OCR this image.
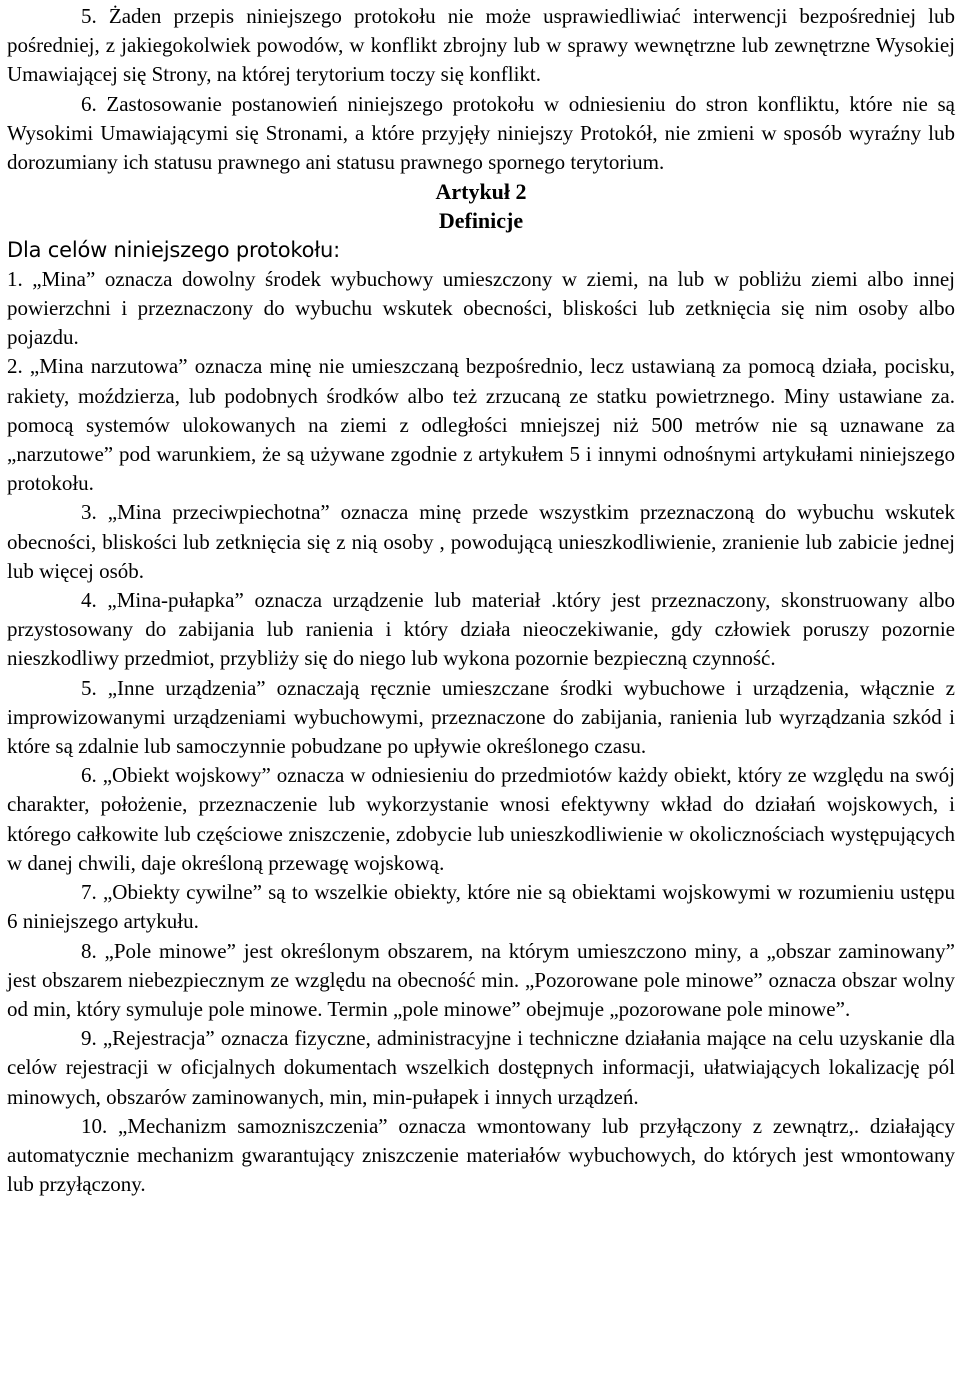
5. Żaden przepis niniejszego protokołu nie może usprawiedliwiać interwencji bezpośredniej lub pośredniej, z jakiegokolwiek powodów, w konflikt zbrojny lub w sprawy wewnętrzne lub zewnętrzne Wysokiej Umawiającej się Strony, na której terytorium toczy się konflikt.

6. Zastosowanie postanowień niniejszego protokołu w odniesieniu do stron konfliktu, które nie są Wysokimi Umawiającymi się Stronami, a które przyjęły niniejszy Protokół, nie zmieni w sposób wyraźny lub dorozumiany ich statusu prawnego ani statusu prawnego spornego terytorium.

Artykuł 2

Definicje

Dla celów niniejszego protokołu:

1. „Mina” oznacza dowolny środek wybuchowy umieszczony w ziemi, na lub w pobliżu ziemi albo innej powierzchni i przeznaczony do wybuchu wskutek obecności, bliskości lub zetknięcia się nim osoby albo pojazdu.

2. „Mina narzutowa” oznacza minę nie umieszczaną bezpośrednio, lecz ustawianą za pomocą działa, pocisku, rakiety, moździerza, lub podobnych środków albo też zrzucaną ze statku powietrznego. Miny ustawiane za. pomocą systemów ulokowanych na ziemi z odległości mniejszej niż 500 metrów nie są uznawane za „narzutowe” pod warunkiem, że są używane zgodnie z artykułem 5 i innymi odnośnymi artykułami niniejszego protokołu.

3. „Mina przeciwpiechotna” oznacza minę przede wszystkim przeznaczoną do wybuchu wskutek obecności, bliskości lub zetknięcia się z nią osoby , powodującą unieszkodliwienie, zranienie lub zabicie jednej lub więcej osób.

4. „Mina-pułapka” oznacza urządzenie lub materiał .który jest przeznaczony, skonstruowany albo przystosowany do zabijania lub ranienia i który działa nieoczekiwanie, gdy człowiek poruszy pozornie nieszkodliwy przedmiot, przybliży się do niego lub wykona pozornie bezpieczną czynność.

5. „Inne urządzenia” oznaczają ręcznie umieszczane środki wybuchowe i urządzenia, włącznie z improwizowanymi urządzeniami wybuchowymi, przeznaczone do zabijania, ranienia lub wyrządzania szkód i które są zdalnie lub samoczynnie pobudzane po upływie określonego czasu.

6. „Obiekt wojskowy” oznacza w odniesieniu do przedmiotów każdy obiekt, który ze względu na swój charakter, położenie, przeznaczenie lub wykorzystanie wnosi efektywny wkład do działań wojskowych, i którego całkowite lub częściowe zniszczenie, zdobycie lub unieszkodliwienie w okolicznościach występujących w danej chwili, daje określoną przewagę wojskową.

7. „Obiekty cywilne” są to wszelkie obiekty, które nie są obiektami wojskowymi w rozumieniu ustępu 6 niniejszego artykułu.

8. „Pole minowe” jest określonym obszarem, na którym umieszczono miny, a „obszar zaminowany” jest obszarem niebezpiecznym ze względu na obecność min. „Pozorowane pole minowe” oznacza obszar wolny od min, który symuluje pole minowe. Termin „pole minowe” obejmuje „pozorowane pole minowe”.

9. „Rejestracja” oznacza fizyczne, administracyjne i techniczne działania mające na celu uzyskanie dla celów rejestracji w oficjalnych dokumentach wszelkich dostępnych informacji, ułatwiających lokalizację pól minowych, obszarów zaminowanych, min, min-pułapek i innych urządzeń.

10. „Mechanizm samozniszczenia” oznacza wmontowany lub przyłączony z zewnątrz,. działający automatycznie mechanizm gwarantujący zniszczenie materiałów wybuchowych, do których jest wmontowany lub przyłączony.
